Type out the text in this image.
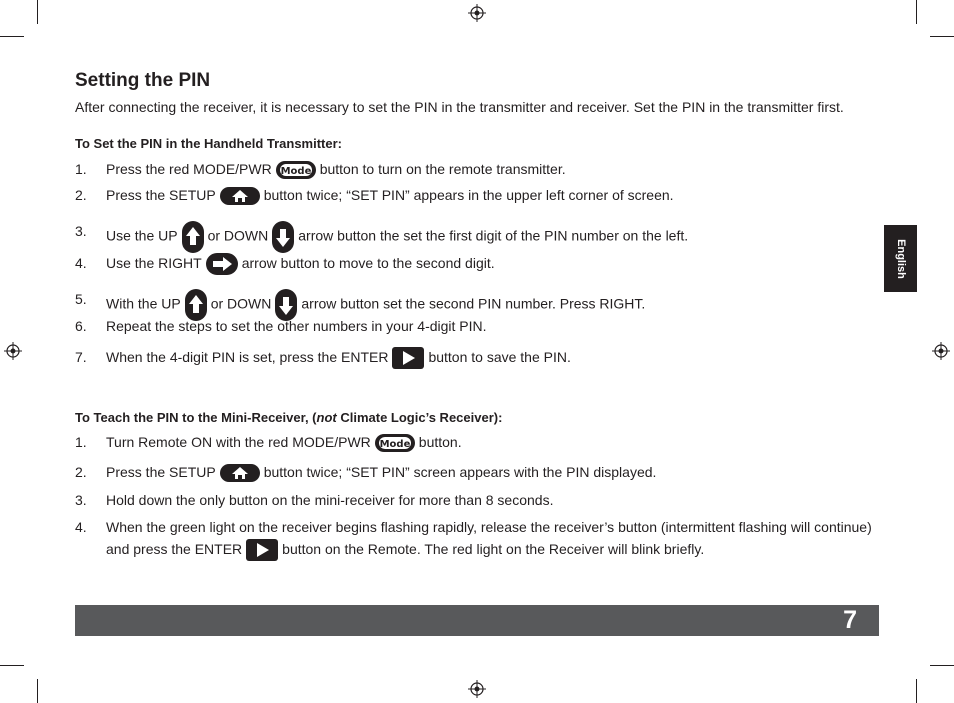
Setting the PIN
After connecting the receiver, it is necessary to set the PIN in the transmitter and receiver. Set the PIN in the transmitter first.
To Set the PIN in the Handheld Transmitter:
1. Press the red MODE/PWR Mode button to turn on the remote transmitter.
2. Press the SETUP	button twice; “SET PIN” appears in the upper left corner of screen.
3. Use the UP or DOWN arrow button the set the first digit of the PIN number on the left.
4. Use the RIGHT	arrow button to move to the second digit.
5. With the UP or DOWN arrow button set the second PIN number. Press RIGHT.
6. Repeat the steps to set the other numbers in your 4-digit PIN.
7. When the 4-digit PIN is set, press the ENTER	button to save the PIN.
To Teach the PIN to the Mini-Receiver, (not Climate Logic’s Receiver):
1. Turn Remote ON with the red MODE/PWR Mode button.
2. Press the SETUP	button twice; “SET PIN” screen appears with the PIN displayed.
3. Hold down the only button on the mini-receiver for more than 8 seconds.
4. When the green light on the receiver begins flashing rapidly, release the receiver’s button (intermittent flashing will continue) and press the ENTER	button on the Remote. The red light on the Receiver will blink briefly.
English
7
